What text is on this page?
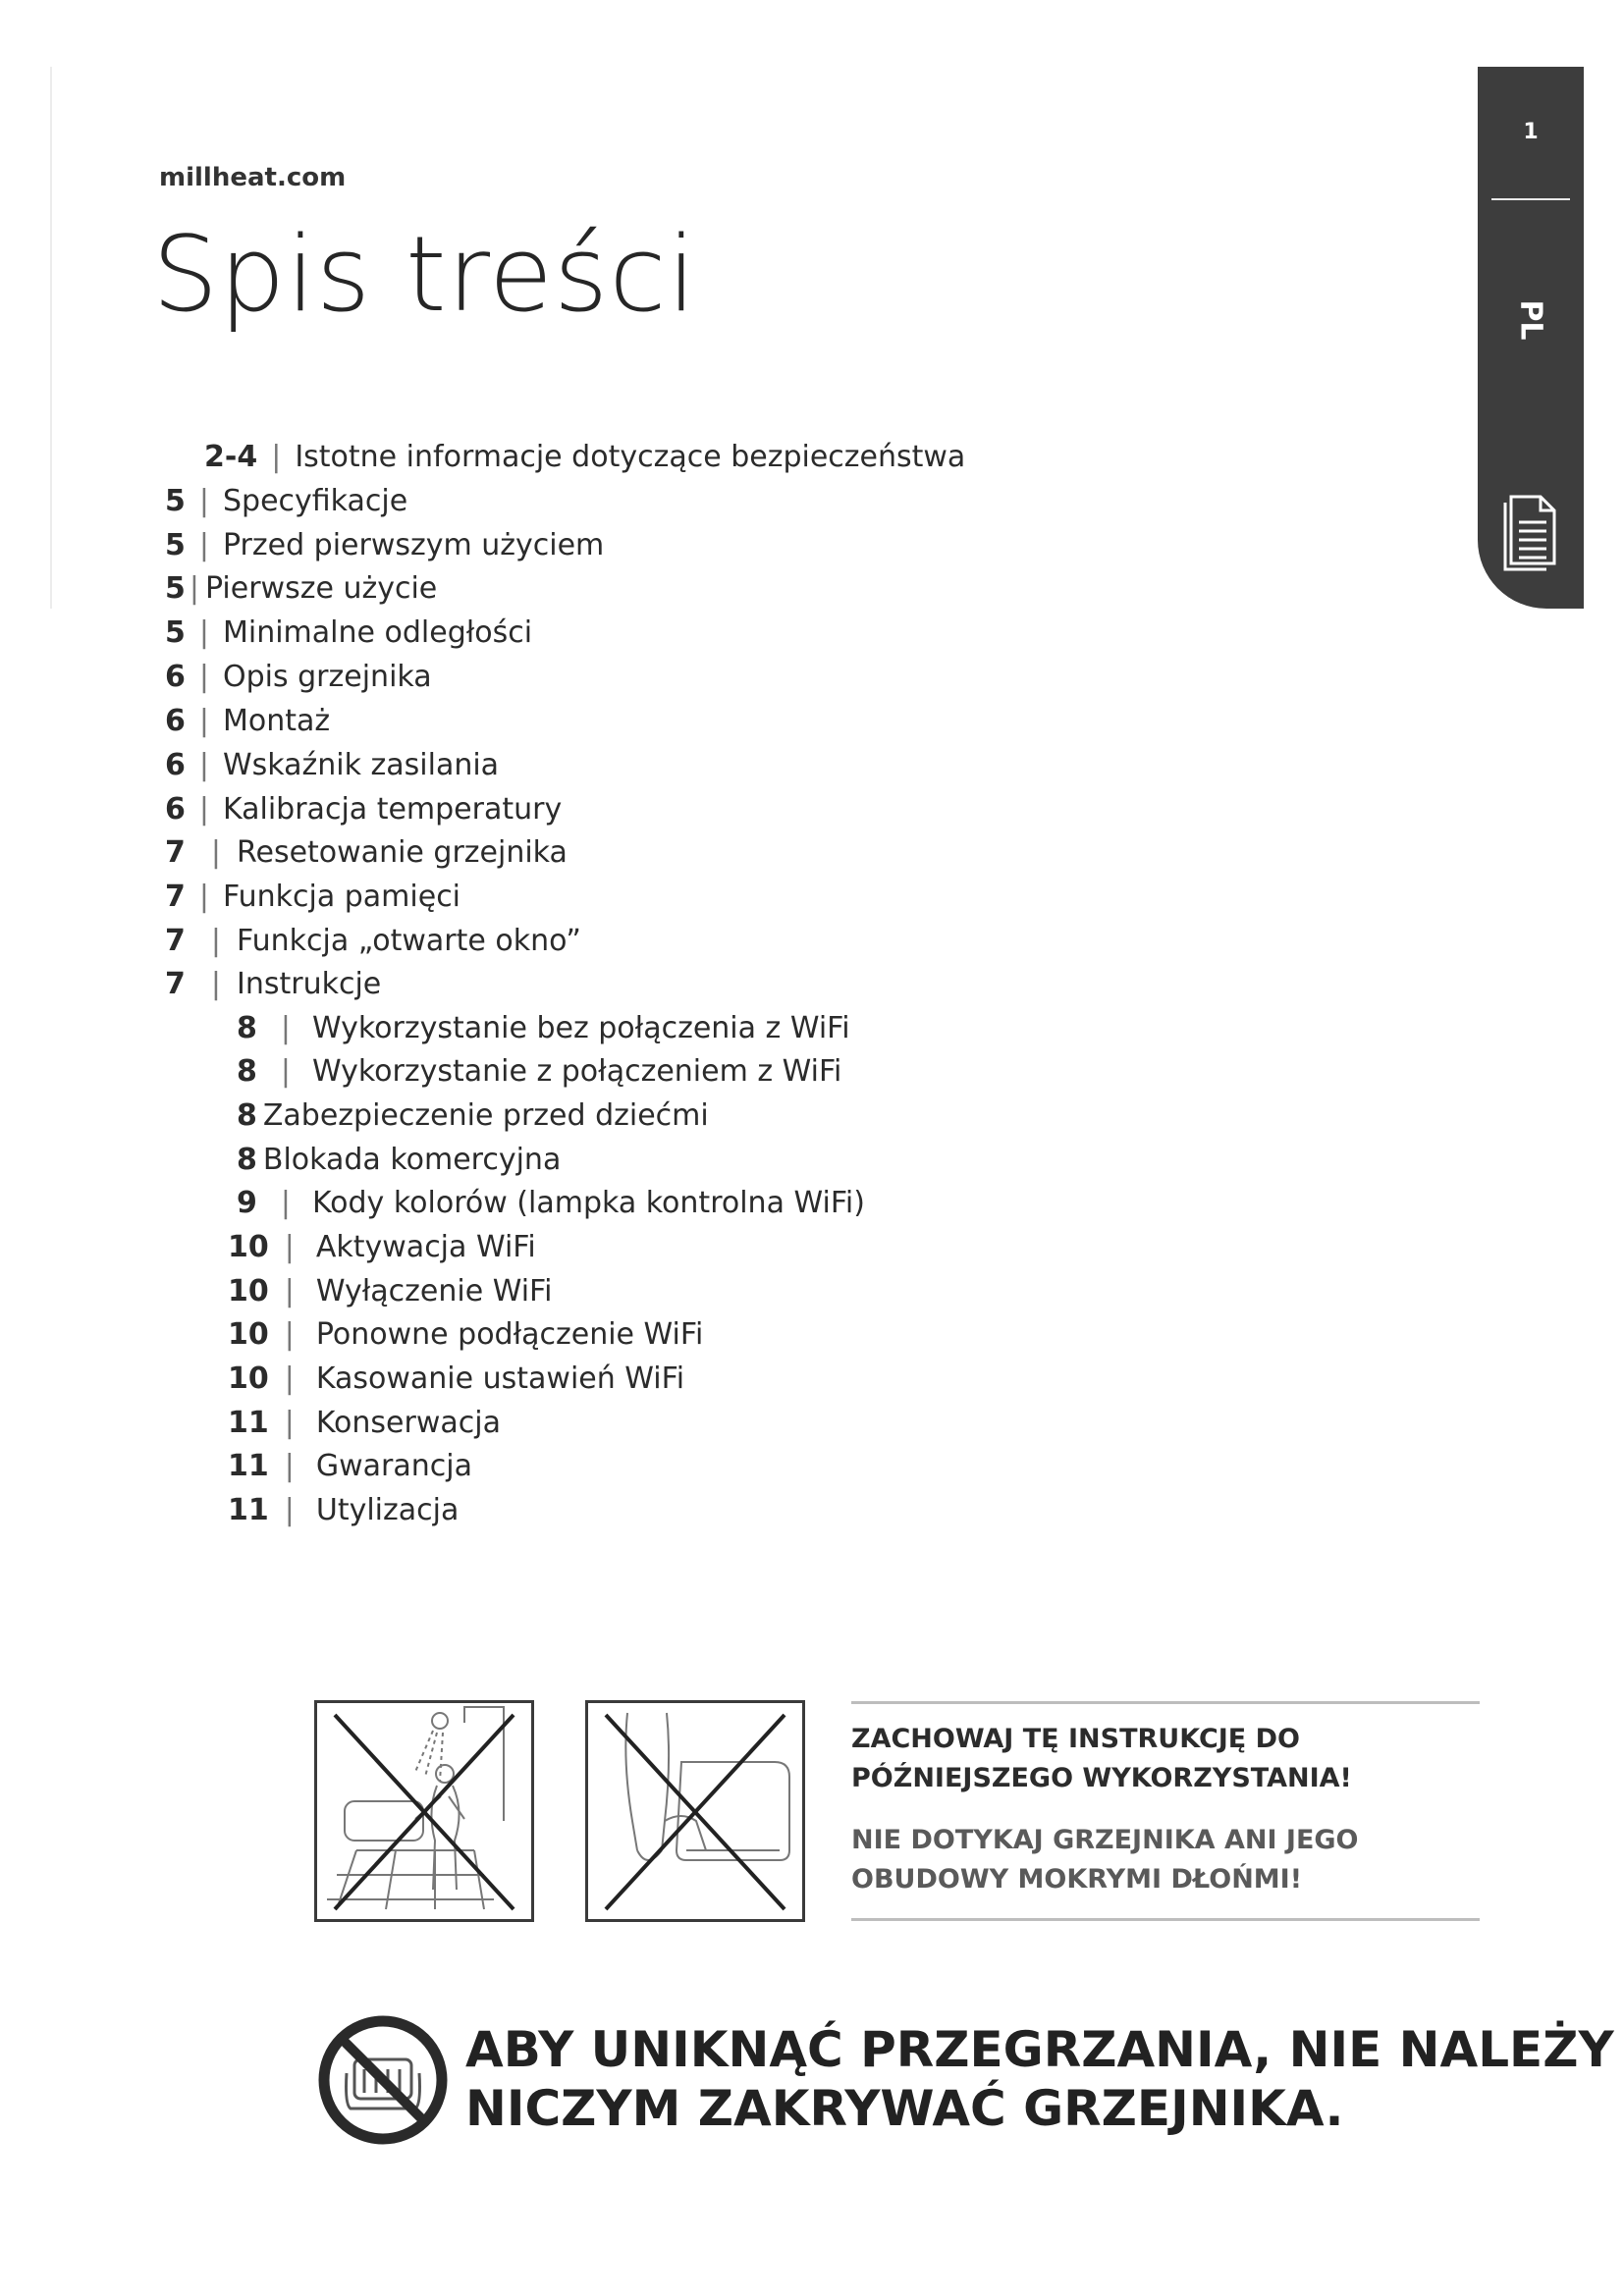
millheat.com
Spis treści
1
PL
2-4 | Istotne informacje dotyczące bezpieczeństwa
5 | Specyfikacje
5 | Przed pierwszym użyciem
5 | Pierwsze użycie
5 | Minimalne odległości
6 | Opis grzejnika
6 | Montaż
6 | Wskaźnik zasilania
6 | Kalibracja temperatury
7 | Resetowanie grzejnika
7 | Funkcja pamięci
7 | Funkcja „otwarte okno”
7 | Instrukcje
8 | Wykorzystanie bez połączenia z WiFi
8 | Wykorzystanie z połączeniem z WiFi
8 Zabezpieczenie przed dziećmi
8 Blokada komercyjna
9 | Kody kolorów (lampka kontrolna WiFi)
10 | Aktywacja WiFi
10 | Wyłączenie WiFi
10 | Ponowne podłączenie WiFi
10 | Kasowanie ustawień WiFi
11 | Konserwacja
11 | Gwarancja
11 | Utylizacja
ZACHOWAJ TĘ INSTRUKCJĘ DO
PÓŹNIEJSZEGO WYKORZYSTANIA!
NIE DOTYKAJ GRZEJNIKA ANI JEGO
OBUDOWY MOKRYMI DŁOŃMI!
ABY UNIKNĄĆ PRZEGRZANIA, NIE NALEŻY
NICZYM ZAKRYWAĆ GRZEJNIKA.
